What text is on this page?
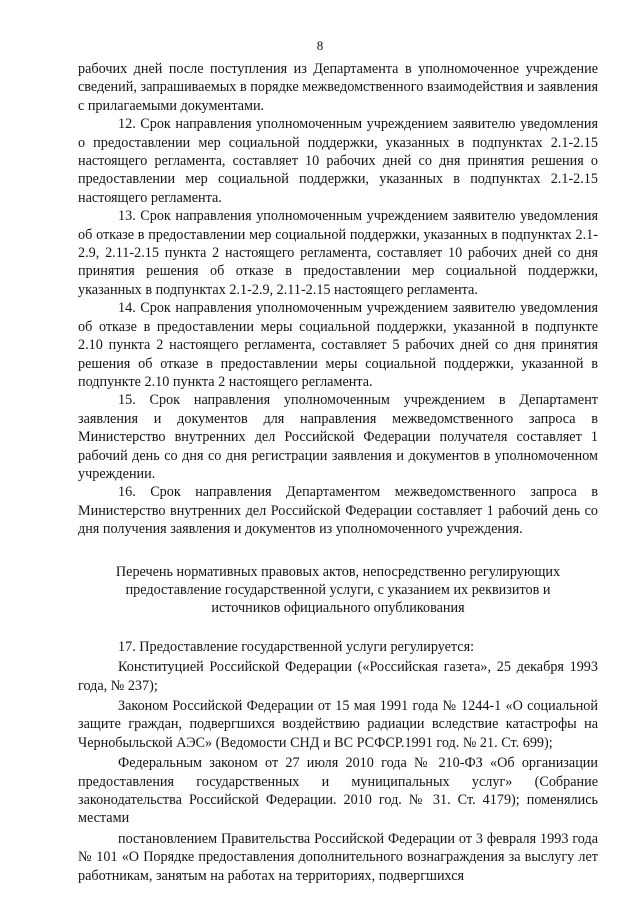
8

рабочих дней после поступления из Департамента в уполномоченное учреждение сведений, запрашиваемых в порядке межведомственного взаимодействия и заявления с прилагаемыми документами.

12. Срок направления уполномоченным учреждением заявителю уведомления о предоставлении мер социальной поддержки, указанных в подпунктах 2.1-2.15 настоящего регламента, составляет 10 рабочих дней со дня принятия решения о предоставлении мер социальной поддержки, указанных в подпунктах 2.1-2.15 настоящего регламента.

13. Срок направления уполномоченным учреждением заявителю уведомления об отказе в предоставлении мер социальной поддержки, указанных в подпунктах 2.1-2.9, 2.11-2.15 пункта 2 настоящего регламента, составляет 10 рабочих дней со дня принятия решения об отказе в предоставлении мер социальной поддержки, указанных в подпунктах 2.1-2.9, 2.11-2.15 настоящего регламента.

14. Срок направления уполномоченным учреждением заявителю уведомления об отказе в предоставлении меры социальной поддержки, указанной в подпункте 2.10 пункта 2 настоящего регламента, составляет 5 рабочих дней со дня принятия решения об отказе в предоставлении меры социальной поддержки, указанной в подпункте 2.10 пункта 2 настоящего регламента.

15. Срок направления уполномоченным учреждением в Департамент заявления и документов для направления межведомственного запроса в Министерство внутренних дел Российской Федерации получателя составляет 1 рабочий день со дня со дня регистрации заявления и документов в уполномоченном учреждении.

16. Срок направления Департаментом межведомственного запроса в Министерство внутренних дел Российской Федерации составляет 1 рабочий день со дня получения заявления и документов из уполномоченного учреждения.

Перечень нормативных правовых актов, непосредственно регулирующих
предоставление государственной услуги, с указанием их реквизитов и
источников официального опубликования

17. Предоставление государственной услуги регулируется:

Конституцией Российской Федерации («Российская газета», 25 декабря 1993 года, № 237);

Законом Российской Федерации от 15 мая 1991 года № 1244-1 «О социальной защите граждан, подвергшихся воздействию радиации вследствие катастрофы на Чернобыльской АЭС» (Ведомости СНД и ВС РСФСР.1991 год. № 21. Ст. 699);

Федеральным законом от 27 июля 2010 года № 210-ФЗ «Об организации предоставления государственных и муниципальных услуг» (Собрание законодательства Российской Федерации. 2010 год. № 31. Ст. 4179); поменялись местами

постановлением Правительства Российской Федерации от 3 февраля 1993 года № 101 «О Порядке предоставления дополнительного вознаграждения за выслугу лет работникам, занятым на работах на территориях, подвергшихся
